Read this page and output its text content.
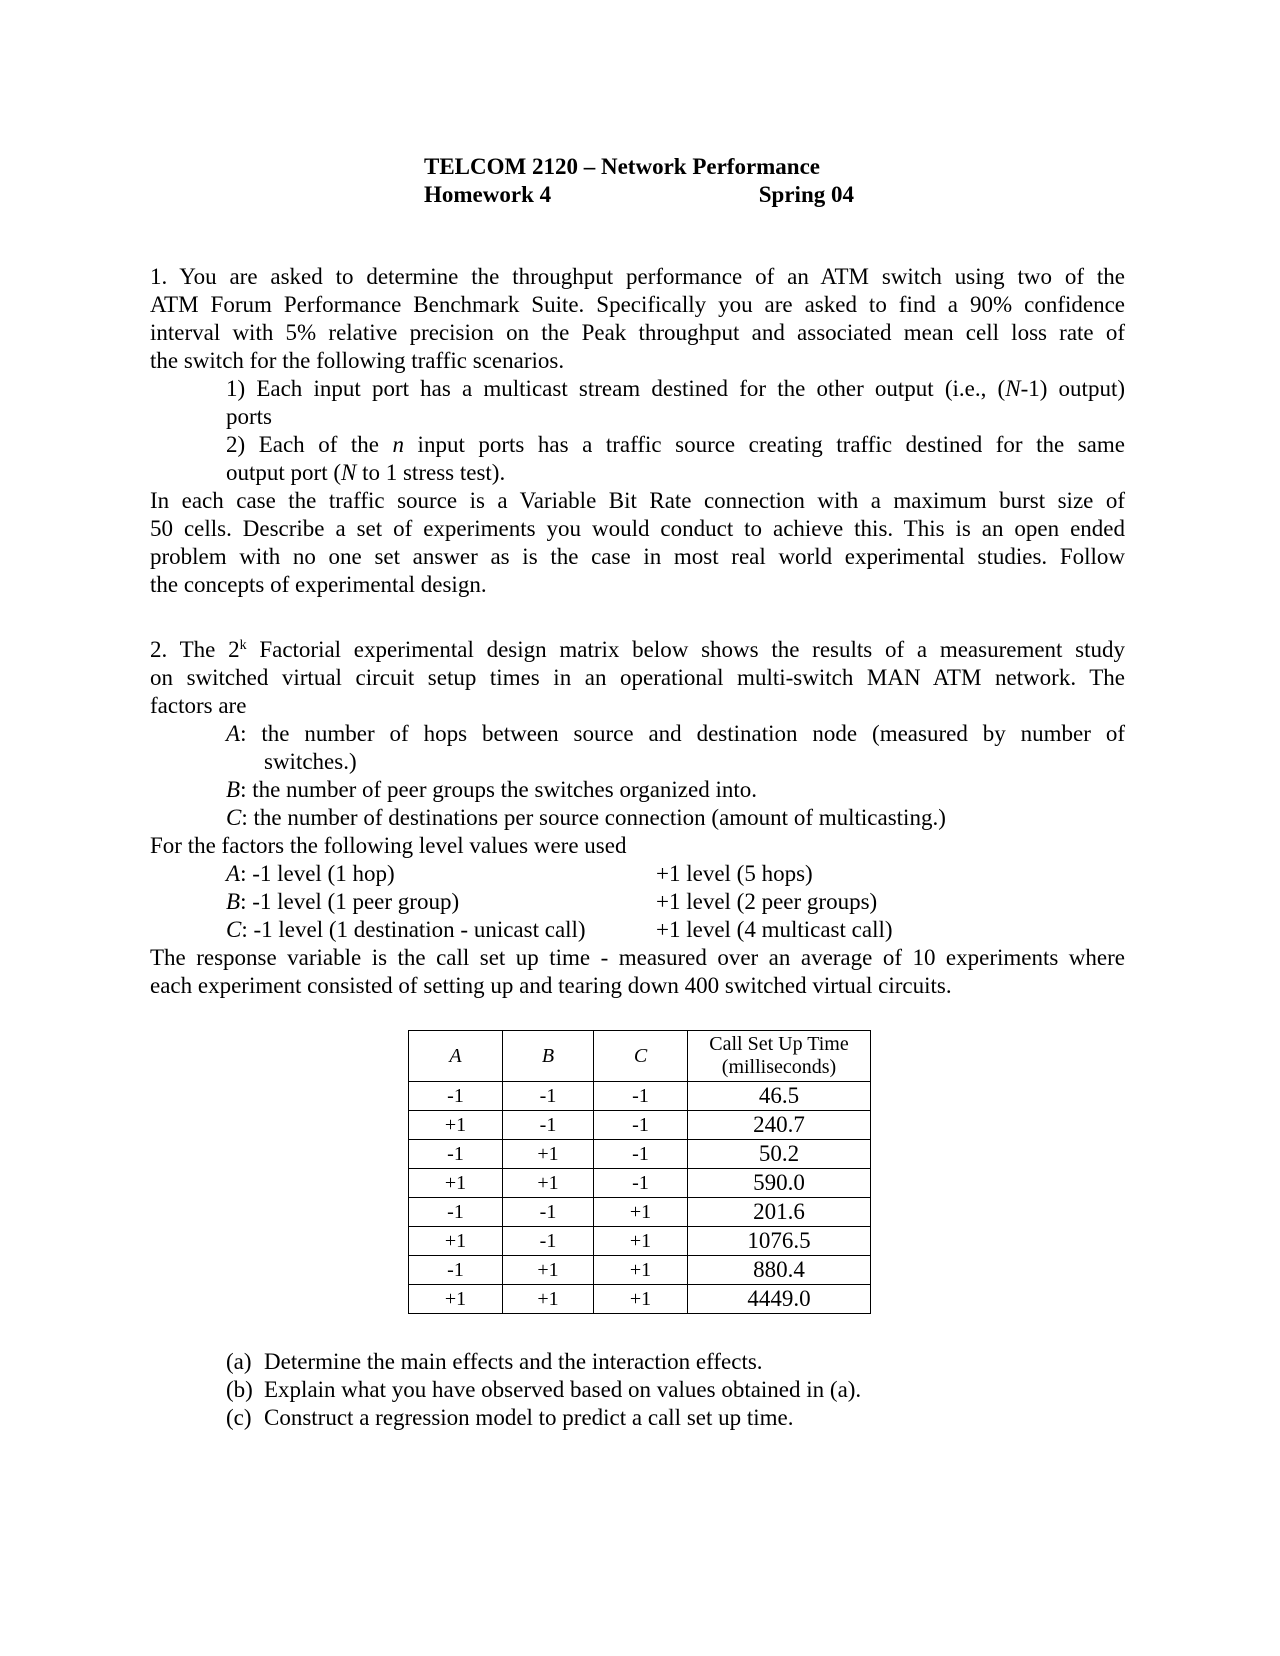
TELCOM 2120 – Network Performance
Homework 4	Spring 04
1. You are asked to determine the throughput performance of an ATM switch using two of the
ATM Forum Performance Benchmark Suite. Specifically you are asked to find a 90% confidence
interval with 5% relative precision on the Peak throughput and associated mean cell loss rate of
the switch for the following traffic scenarios.
1) Each input port has a multicast stream destined for the other output (i.e., (N-1) output)
ports
2) Each of the n input ports has a traffic source creating traffic destined for the same
output port (N to 1 stress test).
In each case the traffic source is a Variable Bit Rate connection with a maximum burst size of
50 cells. Describe a set of experiments you would conduct to achieve this. This is an open ended
problem with no one set answer as is the case in most real world experimental studies. Follow
the concepts of experimental design.
2. The 2$^k$ Factorial experimental design matrix below shows the results of a measurement study
on switched virtual circuit setup times in an operational multi-switch MAN ATM network. The
factors are
A: the number of hops between source and destination node (measured by number of
switches.)
B: the number of peer groups the switches organized into.
C: the number of destinations per source connection (amount of multicasting.)
For the factors the following level values were used
A: -1 level (1 hop)	+1 level (5 hops)
B: -1 level (1 peer group)	+1 level (2 peer groups)
C: -1 level (1 destination - unicast call)	+1 level (4 multicast call)
The response variable is the call set up time - measured over an average of 10 experiments where
each experiment consisted of setting up and tearing down 400 switched virtual circuits.
A	B	C	Call Set Up Time
(milliseconds)

-1	-1	-1	46.5
+1	-1	-1	240.7
-1	+1	-1	50.2
+1	+1	-1	590.0
-1	-1	+1	201.6
+1	-1	+1	1076.5
-1	+1	+1	880.4
+1	+1	+1	4449.0
(a) Determine the main effects and the interaction effects.
(b) Explain what you have observed based on values obtained in (a).
(c) Construct a regression model to predict a call set up time.
